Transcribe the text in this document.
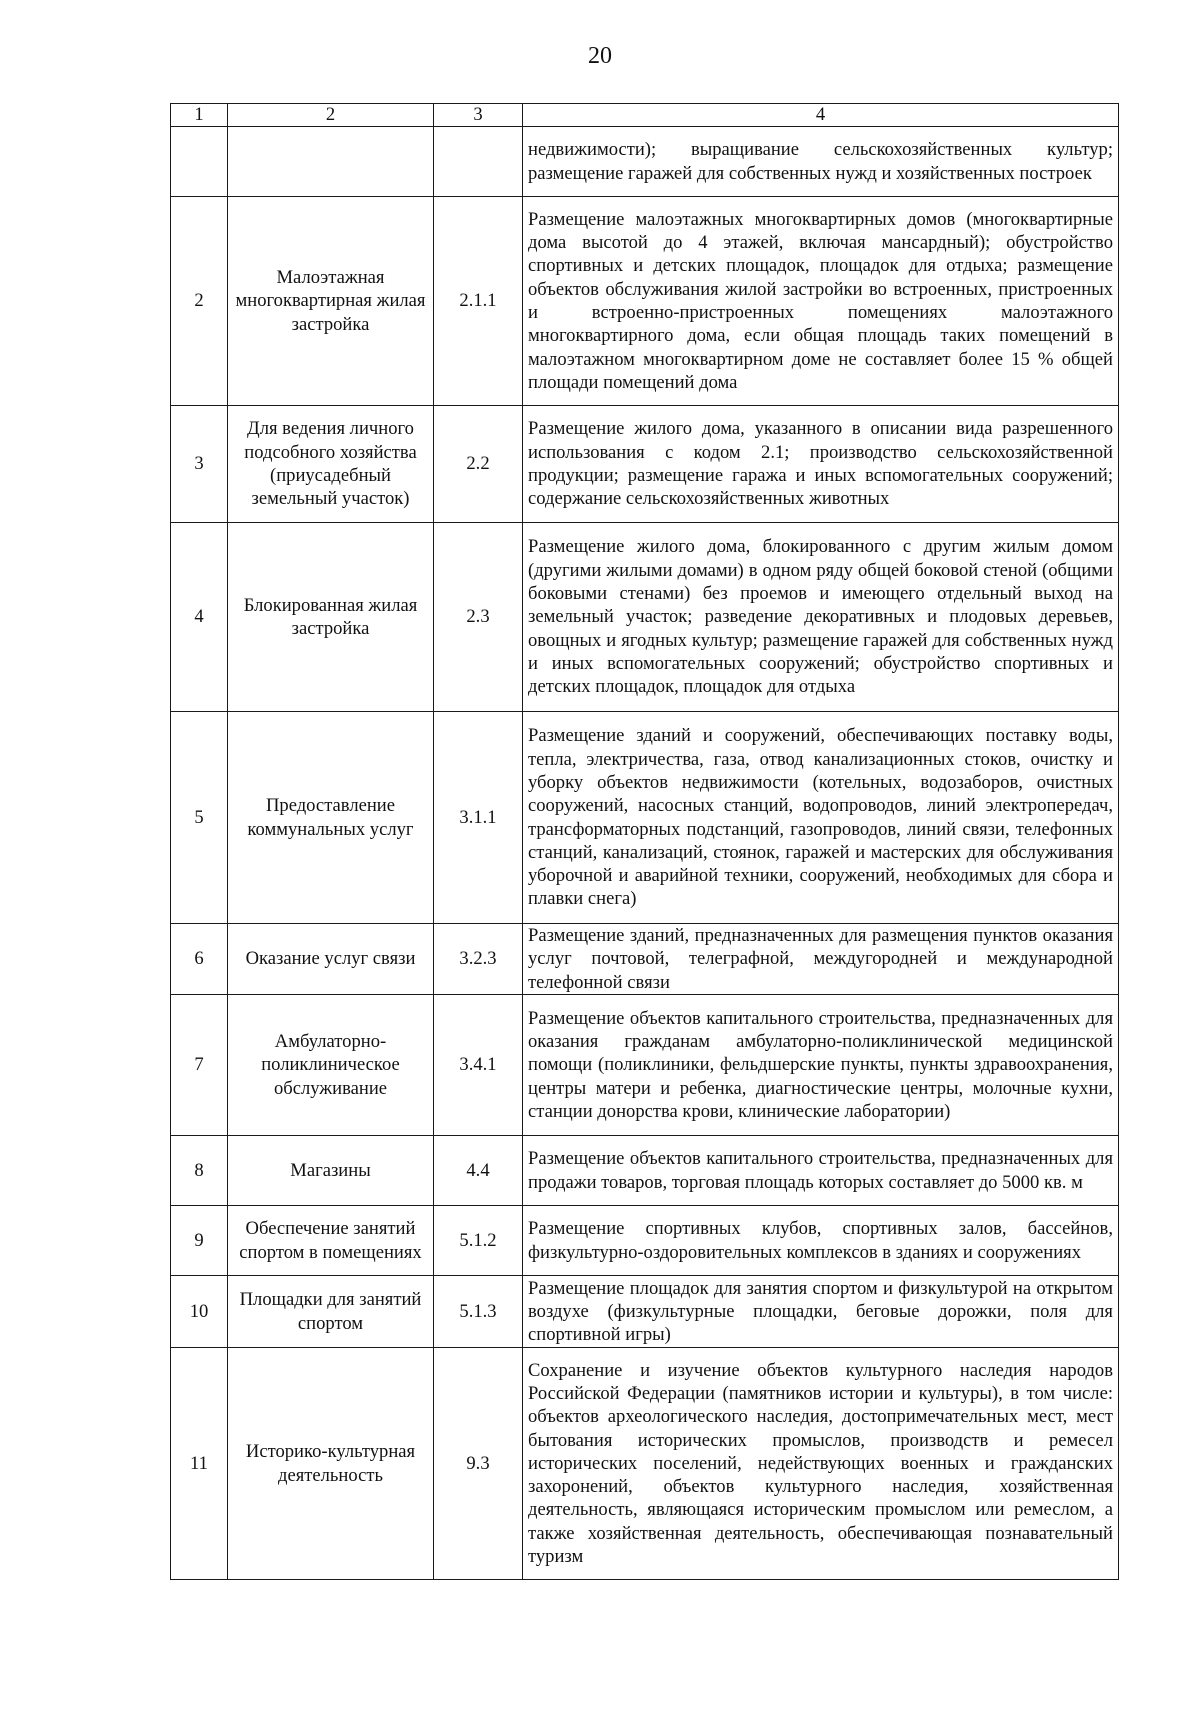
20
1	2	3	4
			недвижимости); выращивание сельскохозяйственных культур; размещение гаражей для собственных нужд и хозяйственных построек
2	Малоэтажная многоквартирная жилая застройка	2.1.1	Размещение малоэтажных многоквартирных домов (многоквартирные дома высотой до 4 этажей, включая мансардный); обустройство спортивных и детских площадок, площадок для отдыха; размещение объектов обслуживания жилой застройки во встроенных, пристроенных и встроенно-пристроенных помещениях малоэтажного многоквартирного дома, если общая площадь таких помещений в малоэтажном многоквартирном доме не составляет более 15 % общей площади помещений дома
3	Для ведения личного подсобного хозяйства (приусадебный земельный участок)	2.2	Размещение жилого дома, указанного в описании вида разрешенного использования с кодом 2.1; производство сельскохозяйственной продукции; размещение гаража и иных вспомогательных сооружений; содержание сельскохозяйственных животных
4	Блокированная жилая застройка	2.3	Размещение жилого дома, блокированного с другим жилым домом (другими жилыми домами) в одном ряду общей боковой стеной (общими боковыми стенами) без проемов и имеющего отдельный выход на земельный участок; разведение декоративных и плодовых деревьев, овощных и ягодных культур; размещение гаражей для собственных нужд и иных вспомогательных сооружений; обустройство спортивных и детских площадок, площадок для отдыха
5	Предоставление коммунальных услуг	3.1.1	Размещение зданий и сооружений, обеспечивающих поставку воды, тепла, электричества, газа, отвод канализационных стоков, очистку и уборку объектов недвижимости (котельных, водозаборов, очистных сооружений, насосных станций, водопроводов, линий электропередач, трансформаторных подстанций, газопроводов, линий связи, телефонных станций, канализаций, стоянок, гаражей и мастерских для обслуживания уборочной и аварийной техники, сооружений, необходимых для сбора и плавки снега)
6	Оказание услуг связи	3.2.3	Размещение зданий, предназначенных для размещения пунктов оказания услуг почтовой, телеграфной, междугородней и международной телефонной связи
7	Амбулаторно-поликлиническое обслуживание	3.4.1	Размещение объектов капитального строительства, предназначенных для оказания гражданам амбулаторно-поликлинической медицинской помощи (поликлиники, фельдшерские пункты, пункты здравоохранения, центры матери и ребенка, диагностические центры, молочные кухни, станции донорства крови, клинические лаборатории)
8	Магазины	4.4	Размещение объектов капитального строительства, предназначенных для продажи товаров, торговая площадь которых составляет до 5000 кв. м
9	Обеспечение занятий спортом в помещениях	5.1.2	Размещение спортивных клубов, спортивных залов, бассейнов, физкультурно-оздоровительных комплексов в зданиях и сооружениях
10	Площадки для занятий спортом	5.1.3	Размещение площадок для занятия спортом и физкультурой на открытом воздухе (физкультурные площадки, беговые дорожки, поля для спортивной игры)
11	Историко-культурная деятельность	9.3	Сохранение и изучение объектов культурного наследия народов Российской Федерации (памятников истории и культуры), в том числе: объектов археологического наследия, достопримечательных мест, мест бытования исторических промыслов, производств и ремесел исторических поселений, недействующих военных и гражданских захоронений, объектов культурного наследия, хозяйственная деятельность, являющаяся историческим промыслом или ремеслом, а также хозяйственная деятельность, обеспечивающая познавательный туризм
